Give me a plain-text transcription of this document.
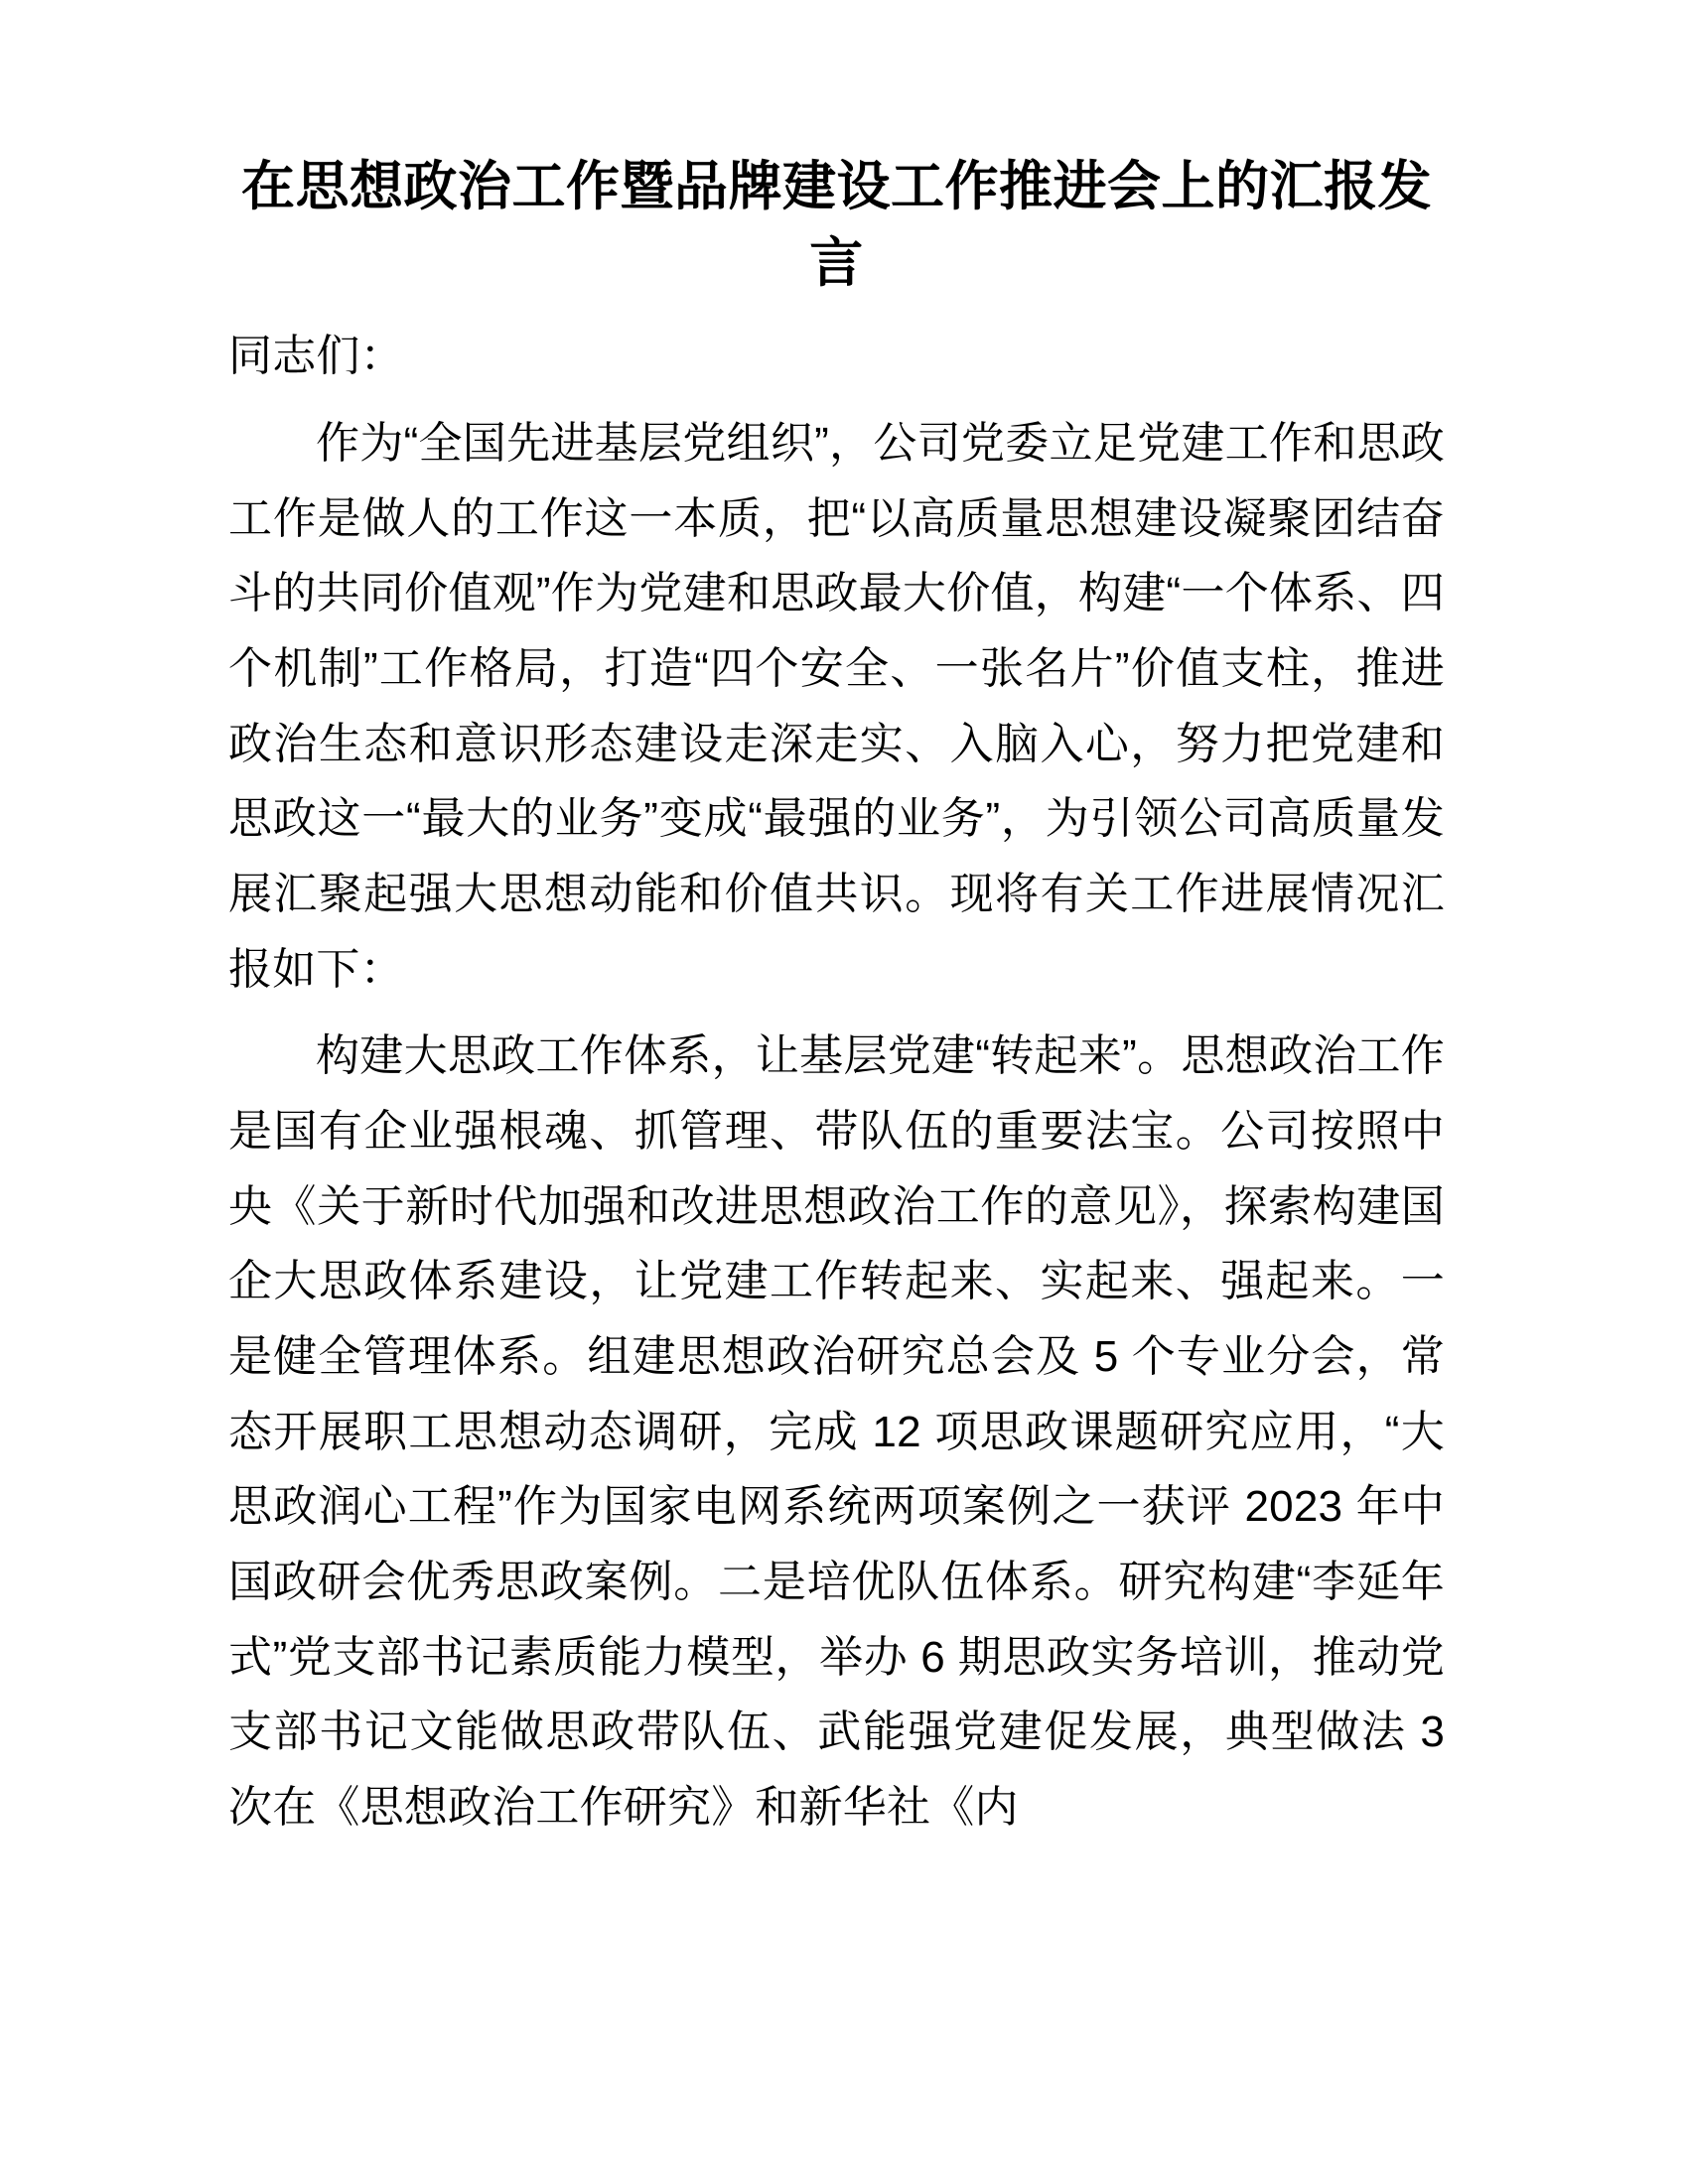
在思想政治工作暨品牌建设工作推进会上的汇报发言

同志们：

作为“全国先进基层党组织”，公司党委立足党建工作和思政工作是做人的工作这一本质，把“以高质量思想建设凝聚团结奋斗的共同价值观”作为党建和思政最大价值，构建“一个体系、四个机制”工作格局，打造“四个安全、一张名片”价值支柱，推进政治生态和意识形态建设走深走实、入脑入心，努力把党建和思政这一“最大的业务”变成“最强的业务”，为引领公司高质量发展汇聚起强大思想动能和价值共识。现将有关工作进展情况汇报如下：

构建大思政工作体系，让基层党建“转起来”。思想政治工作是国有企业强根魂、抓管理、带队伍的重要法宝。公司按照中央《关于新时代加强和改进思想政治工作的意见》，探索构建国企大思政体系建设，让党建工作转起来、实起来、强起来。一是健全管理体系。组建思想政治研究总会及 5 个专业分会，常态开展职工思想动态调研，完成 12 项思政课题研究应用，“大思政润心工程”作为国家电网系统两项案例之一获评 2023 年中国政研会优秀思政案例。二是培优队伍体系。研究构建“李延年式”党支部书记素质能力模型，举办 6 期思政实务培训，推动党支部书记文能做思政带队伍、武能强党建促发展，典型做法 3 次在《思想政治工作研究》和新华社《内
